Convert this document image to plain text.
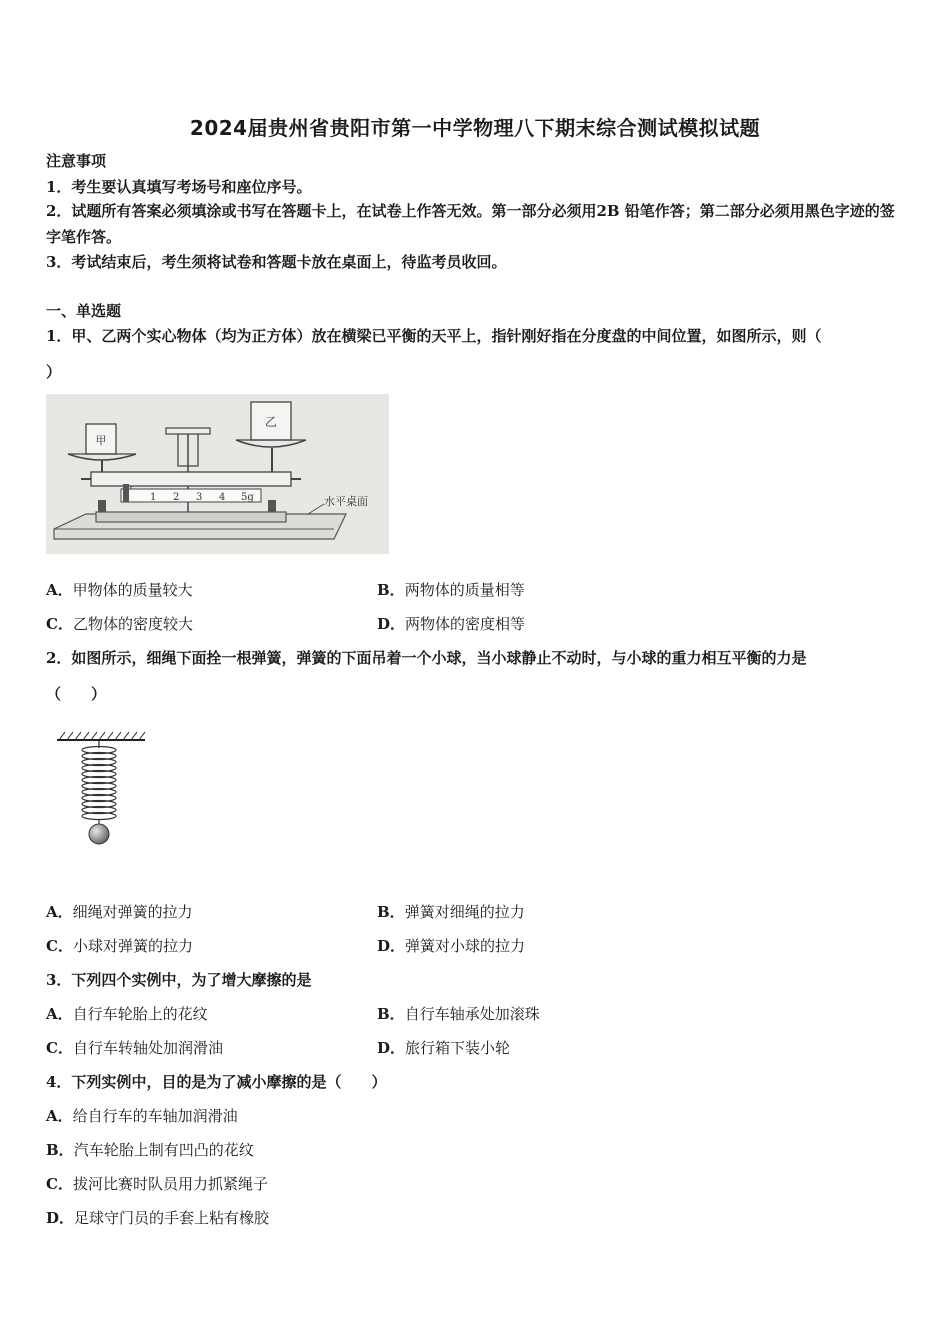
2024届贵州省贵阳市第一中学物理八下期末综合测试模拟试题
注意事项
1．考生要认真填写考场号和座位序号。
2．试题所有答案必须填涂或书写在答题卡上，在试卷上作答无效。第一部分必须用2B 铅笔作答；第二部分必须用黑色字迹的签字笔作答。
3．考试结束后，考生须将试卷和答题卡放在桌面上，待监考员收回。
一、单选题
1．甲、乙两个实心物体（均为正方体）放在横梁已平衡的天平上，指针刚好指在分度盘的中间位置，如图所示，则（
）
甲
乙
1 2 3 4 5g	水平桌面
A．甲物体的质量较大	B．两物体的质量相等
C．乙物体的密度较大	D．两物体的密度相等
2．如图所示，细绳下面拴一根弹簧，弹簧的下面吊着一个小球，当小球静止不动时，与小球的重力相互平衡的力是
（　　）
A．细绳对弹簧的拉力	B．弹簧对细绳的拉力
C．小球对弹簧的拉力	D．弹簧对小球的拉力
3．下列四个实例中，为了增大摩擦的是
A．自行车轮胎上的花纹	B．自行车轴承处加滚珠
C．自行车转轴处加润滑油	D．旅行箱下装小轮
4．下列实例中，目的是为了减小摩擦的是（　　）
A．给自行车的车轴加润滑油
B．汽车轮胎上制有凹凸的花纹
C．拔河比赛时队员用力抓紧绳子
D．足球守门员的手套上粘有橡胶
